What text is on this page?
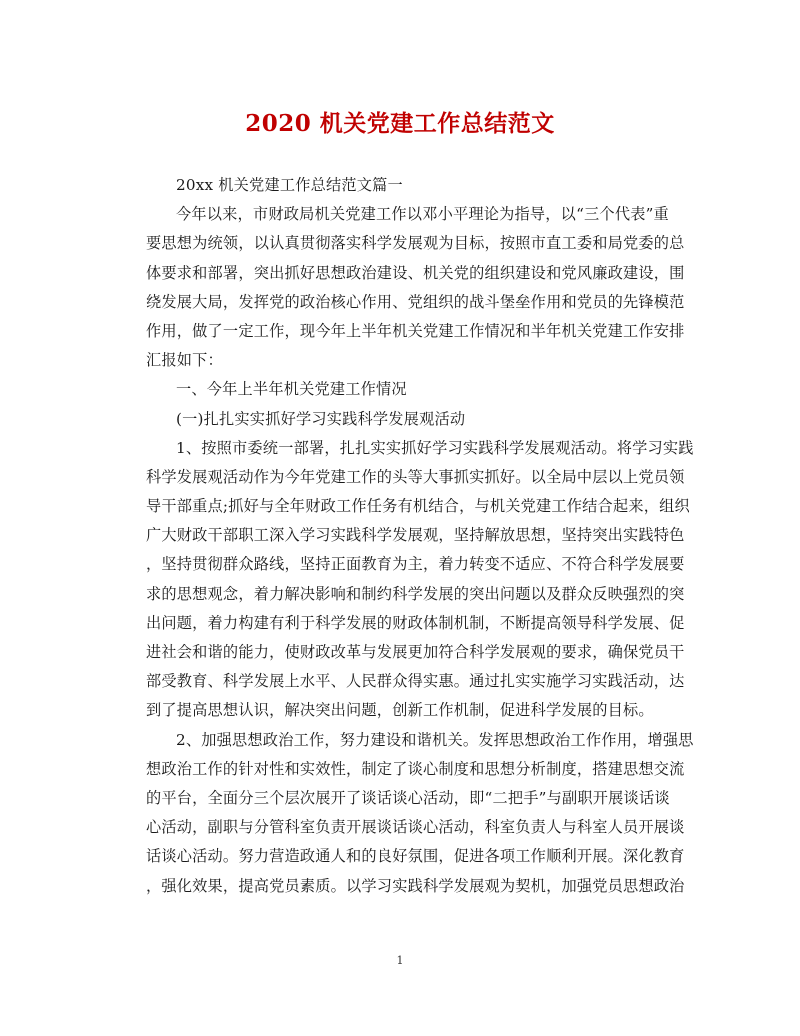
2020 机关党建工作总结范文
20xx 机关党建工作总结范文篇一
今年以来，市财政局机关党建工作以邓小平理论为指导，以“三个代表”重
要思想为统领，以认真贯彻落实科学发展观为目标，按照市直工委和局党委的总
体要求和部署，突出抓好思想政治建设、机关党的组织建设和党风廉政建设，围
绕发展大局，发挥党的政治核心作用、党组织的战斗堡垒作用和党员的先锋模范
作用，做了一定工作，现今年上半年机关党建工作情况和半年机关党建工作安排
汇报如下：
一、今年上半年机关党建工作情况
(一)扎扎实实抓好学习实践科学发展观活动
1、按照市委统一部署，扎扎实实抓好学习实践科学发展观活动。将学习实践
科学发展观活动作为今年党建工作的头等大事抓实抓好。以全局中层以上党员领
导干部重点;抓好与全年财政工作任务有机结合，与机关党建工作结合起来，组织
广大财政干部职工深入学习实践科学发展观，坚持解放思想，坚持突出实践特色
，坚持贯彻群众路线，坚持正面教育为主，着力转变不适应、不符合科学发展要
求的思想观念，着力解决影响和制约科学发展的突出问题以及群众反映强烈的突
出问题，着力构建有利于科学发展的财政体制机制，不断提高领导科学发展、促
进社会和谐的能力，使财政改革与发展更加符合科学发展观的要求，确保党员干
部受教育、科学发展上水平、人民群众得实惠。通过扎实实施学习实践活动，达
到了提高思想认识，解决突出问题，创新工作机制，促进科学发展的目标。
2、加强思想政治工作，努力建设和谐机关。发挥思想政治工作作用，增强思
想政治工作的针对性和实效性，制定了谈心制度和思想分析制度，搭建思想交流
的平台，全面分三个层次展开了谈话谈心活动，即“二把手”与副职开展谈话谈
心活动，副职与分管科室负责开展谈话谈心活动，科室负责人与科室人员开展谈
话谈心活动。努力营造政通人和的良好氛围，促进各项工作顺利开展。深化教育
，强化效果，提高党员素质。以学习实践科学发展观为契机，加强党员思想政治
1
